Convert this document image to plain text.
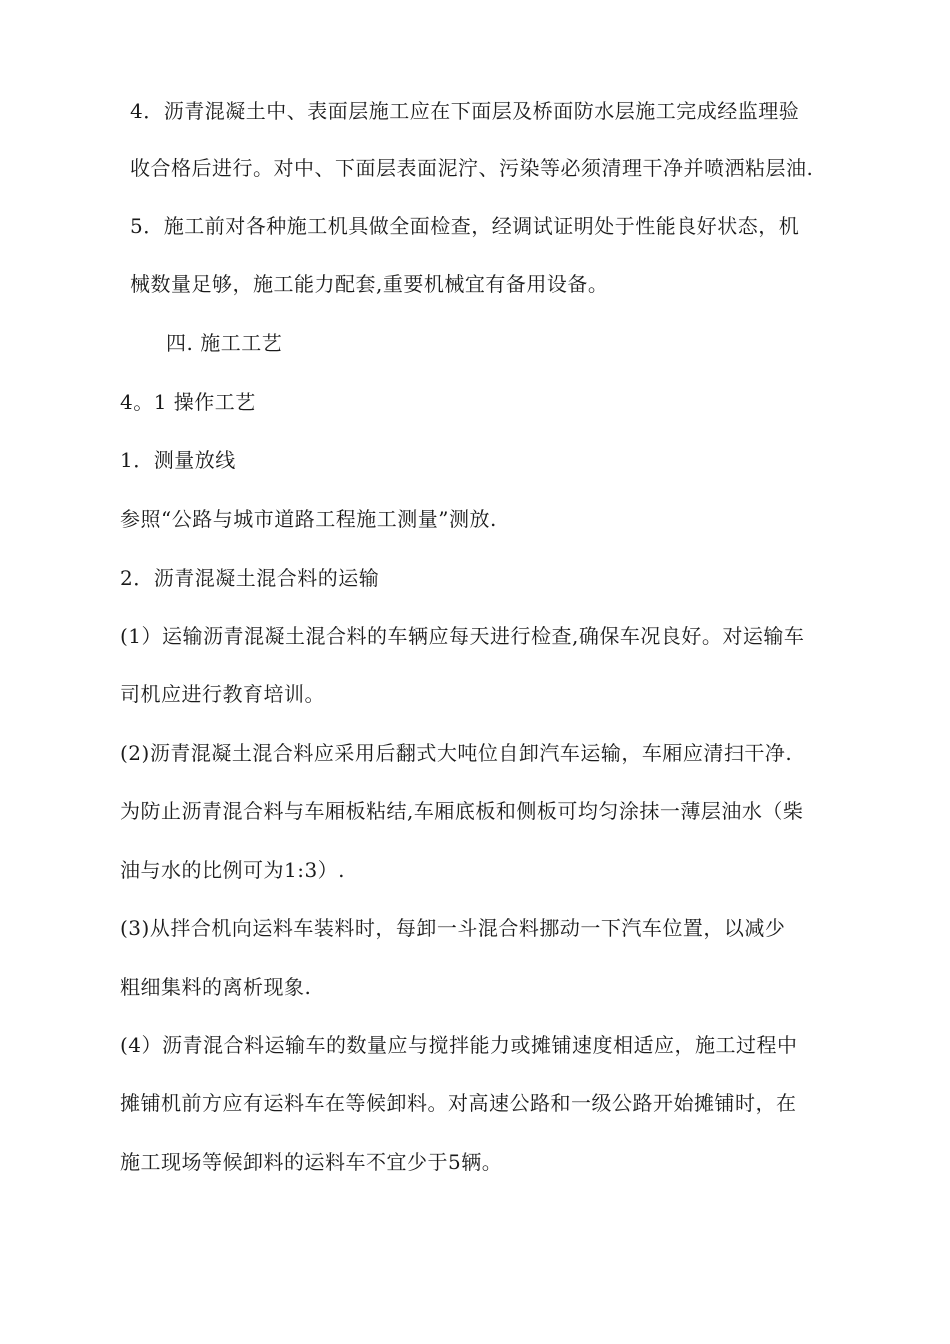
4．沥青混凝土中、表面层施工应在下面层及桥面防水层施工完成经监理验
收合格后进行。对中、下面层表面泥泞、污染等必须清理干净并喷洒粘层油.
5．施工前对各种施工机具做全面检查，经调试证明处于性能良好状态，机
械数量足够，施工能力配套,重要机械宜有备用设备。
四. 施工工艺
4。1 操作工艺
1．测量放线
参照“公路与城市道路工程施工测量”测放.
2．沥青混凝土混合料的运输
(1）运输沥青混凝土混合料的车辆应每天进行检查,确保车况良好。对运输车
司机应进行教育培训。
(2)沥青混凝土混合料应采用后翻式大吨位自卸汽车运输，车厢应清扫干净.
为防止沥青混合料与车厢板粘结,车厢底板和侧板可均匀涂抹一薄层油水（柴
油与水的比例可为1:3）.
(3)从拌合机向运料车装料时，每卸一斗混合料挪动一下汽车位置，以减少
粗细集料的离析现象.
(4）沥青混合料运输车的数量应与搅拌能力或摊铺速度相适应，施工过程中
摊铺机前方应有运料车在等候卸料。对高速公路和一级公路开始摊铺时，在
施工现场等候卸料的运料车不宜少于5辆。
